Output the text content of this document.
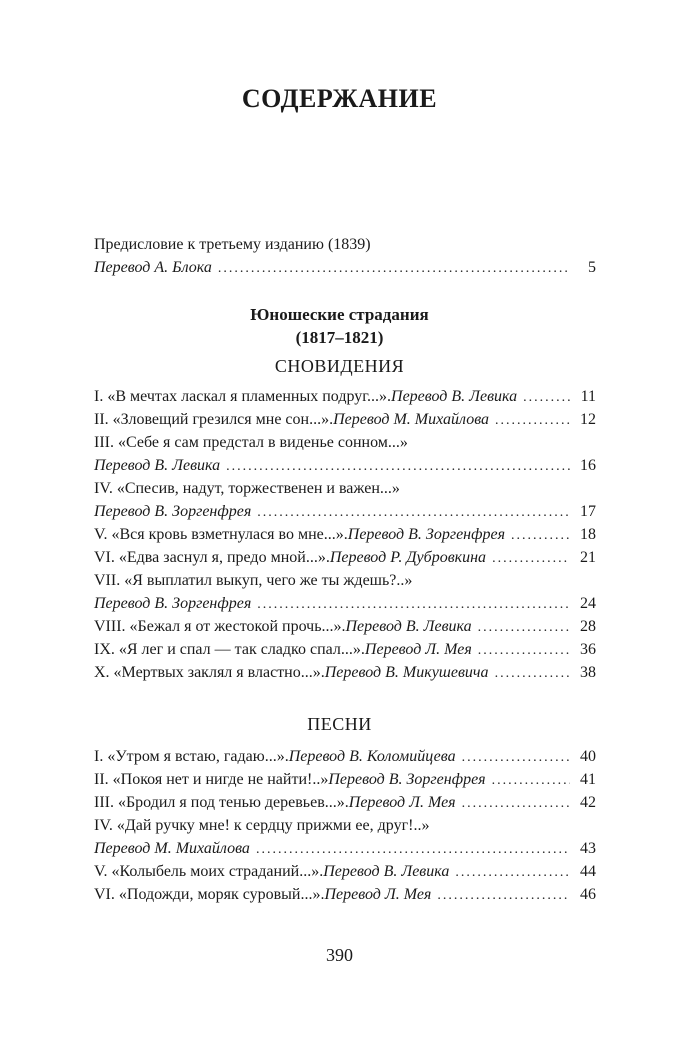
СОДЕРЖАНИЕ
Предисловие к третьему изданию (1839)
Перевод А. Блока .....	5
Юношеские страдания
(1817–1821)
СНОВИДЕНИЯ
I. «В мечтах ласкал я пламенных подруг...». Перевод В. Левика .....	11
II. «Зловещий грезился мне сон...». Перевод М. Михайлова .....	12
III. «Себе я сам предстал в виденье сонном...»
Перевод В. Левика .....	16
IV. «Спесив, надут, торжественен и важен...»
Перевод В. Зоргенфрея .....	17
V. «Вся кровь взметнулася во мне...». Перевод В. Зоргенфрея .....	18
VI. «Едва заснул я, предо мной...». Перевод Р. Дубровкина .....	21
VII. «Я выплатил выкуп, чего же ты ждешь?..»
Перевод В. Зоргенфрея .....	24
VIII. «Бежал я от жестокой прочь...». Перевод В. Левика .....	28
IX. «Я лег и спал — так сладко спал...». Перевод Л. Мея .....	36
X. «Мертвых заклял я властно...». Перевод В. Микушевича .....	38
ПЕСНИ
I. «Утром я встаю, гадаю...». Перевод В. Коломийцева .....	40
II. «Покоя нет и нигде не найти!..» Перевод В. Зоргенфрея .....	41
III. «Бродил я под тенью деревьев...». Перевод Л. Мея .....	42
IV. «Дай ручку мне! к сердцу прижми ее, друг!..»
Перевод М. Михайлова .....	43
V. «Колыбель моих страданий...». Перевод В. Левика .....	44
VI. «Подожди, моряк суровый...». Перевод Л. Мея .....	46
390
